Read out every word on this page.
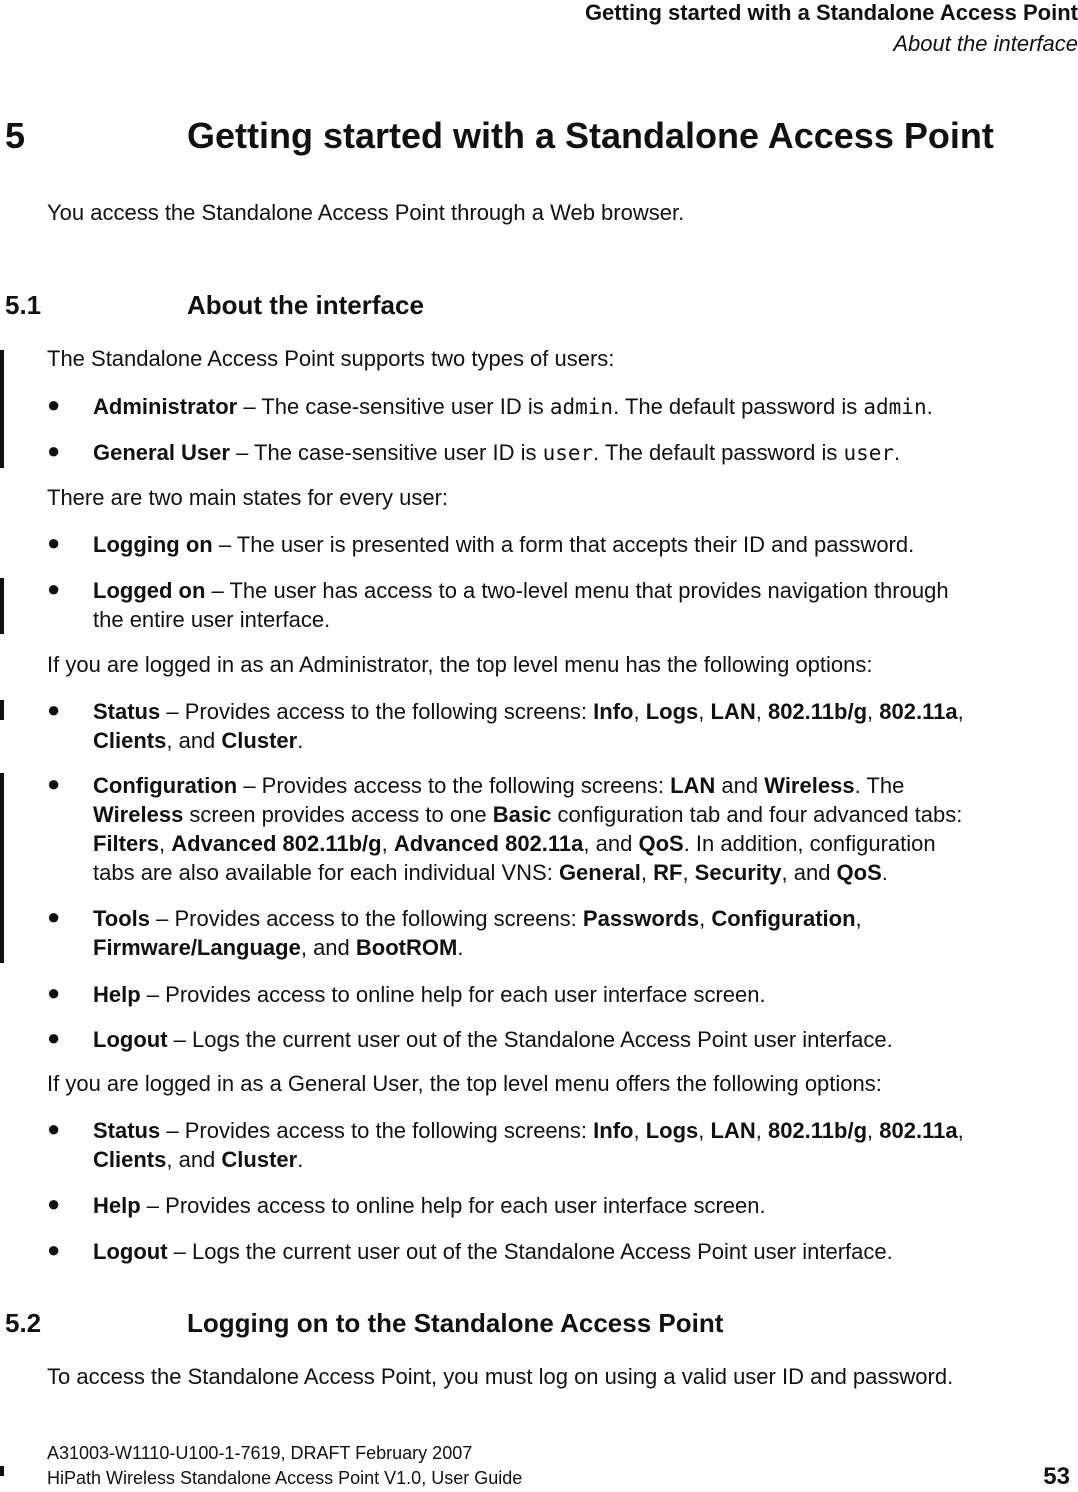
Getting started with a Standalone Access Point
About the interface
5	Getting started with a Standalone Access Point
You access the Standalone Access Point through a Web browser.
5.1	About the interface
The Standalone Access Point supports two types of users:
●	Administrator – The case-sensitive user ID is admin. The default password is admin.
●	General User – The case-sensitive user ID is user. The default password is user.
There are two main states for every user:
●	Logging on – The user is presented with a form that accepts their ID and password.
●	Logged on – The user has access to a two-level menu that provides navigation through
the entire user interface.
If you are logged in as an Administrator, the top level menu has the following options:
●	Status – Provides access to the following screens: Info, Logs, LAN, 802.11b/g, 802.11a,
Clients, and Cluster.
●	Configuration – Provides access to the following screens: LAN and Wireless. The
Wireless screen provides access to one Basic configuration tab and four advanced tabs:
Filters, Advanced 802.11b/g, Advanced 802.11a, and QoS. In addition, configuration
tabs are also available for each individual VNS: General, RF, Security, and QoS.
●	Tools – Provides access to the following screens: Passwords, Configuration,
Firmware/Language, and BootROM.
●	Help – Provides access to online help for each user interface screen.
●	Logout – Logs the current user out of the Standalone Access Point user interface.
If you are logged in as a General User, the top level menu offers the following options:
●	Status – Provides access to the following screens: Info, Logs, LAN, 802.11b/g, 802.11a,
Clients, and Cluster.
●	Help – Provides access to online help for each user interface screen.
●	Logout – Logs the current user out of the Standalone Access Point user interface.
5.2	Logging on to the Standalone Access Point
To access the Standalone Access Point, you must log on using a valid user ID and password.
A31003-W1110-U100-1-7619, DRAFT February 2007
HiPath Wireless Standalone Access Point V1.0, User Guide	53
